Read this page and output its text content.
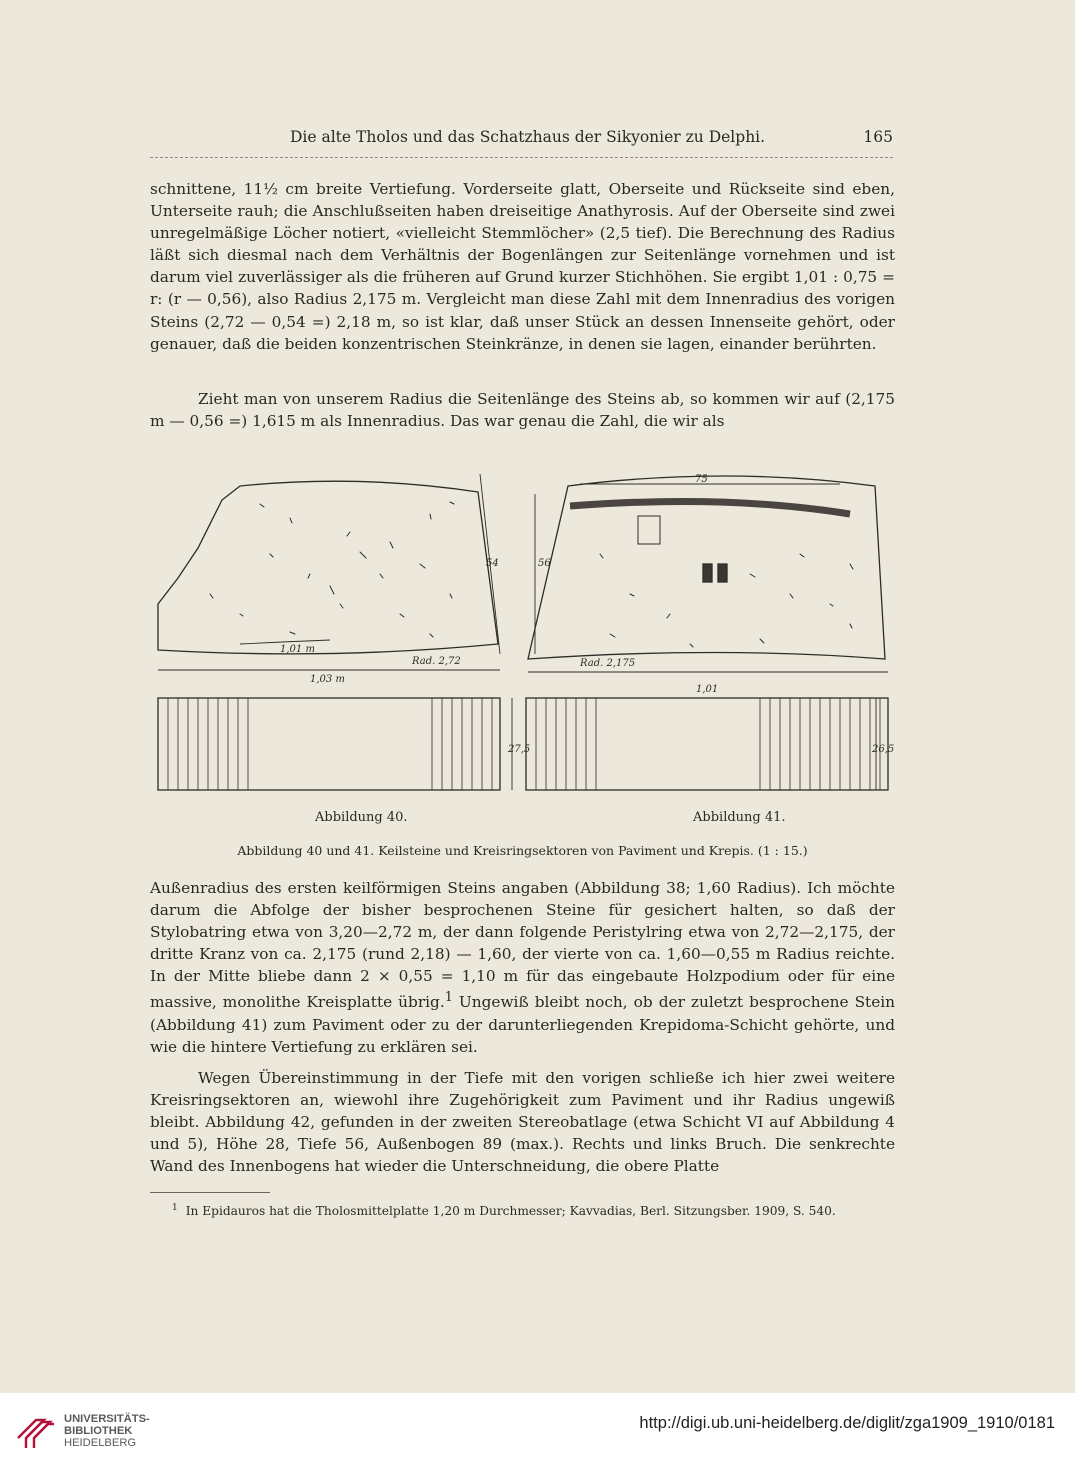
Die alte Tholos und das Schatzhaus der Sikyonier zu Delphi.	165

schnittene, 11½ cm breite Vertiefung. Vorderseite glatt, Oberseite und Rückseite sind eben, Unterseite rauh; die Anschlußseiten haben dreiseitige Anathyrosis. Auf der Oberseite sind zwei unregelmäßige Löcher notiert, «vielleicht Stemmlöcher» (2,5 tief). Die Berechnung des Radius läßt sich diesmal nach dem Verhältnis der Bogenlängen zur Seitenlänge vornehmen und ist darum viel zuverlässiger als die früheren auf Grund kurzer Stichhöhen. Sie ergibt 1,01 : 0,75 = r: (r — 0,56), also Radius 2,175 m. Vergleicht man diese Zahl mit dem Innenradius des vorigen Steins (2,72 — 0,54 =) 2,18 m, so ist klar, daß unser Stück an dessen Innenseite gehört, oder genauer, daß die beiden konzentrischen Steinkränze, in denen sie lagen, einander berührten.

Zieht man von unserem Radius die Seitenlänge des Steins ab, so kommen wir auf (2,175 m — 0,56 =) 1,615 m als Innenradius. Das war genau die Zahl, die wir als

1,01 m
1,03 m
54
Rad. 2,72
27,5
75
56
Rad. 2,175
1,01
26,5
Abbildung 40.	Abbildung 41.
Abbildung 40 und 41. Keilsteine und Kreisringsektoren von Paviment und Krepis. (1 : 15.)

Außenradius des ersten keilförmigen Steins angaben (Abbildung 38; 1,60 Radius). Ich möchte darum die Abfolge der bisher besprochenen Steine für gesichert halten, so daß der Stylobatring etwa von 3,20—2,72 m, der dann folgende Peristylring etwa von 2,72—2,175, der dritte Kranz von ca. 2,175 (rund 2,18) — 1,60, der vierte von ca. 1,60—0,55 m Radius reichte. In der Mitte bliebe dann 2 × 0,55 = 1,10 m für das eingebaute Holzpodium oder für eine massive, monolithe Kreisplatte übrig.$^1$ Ungewiß bleibt noch, ob der zuletzt besprochene Stein (Abbildung 41) zum Paviment oder zu der darunterliegenden Krepidoma-Schicht gehörte, und wie die hintere Vertiefung zu erklären sei.

Wegen Übereinstimmung in der Tiefe mit den vorigen schließe ich hier zwei weitere Kreisringsektoren an, wiewohl ihre Zugehörigkeit zum Paviment und ihr Radius ungewiß bleibt. Abbildung 42, gefunden in der zweiten Stereobatlage (etwa Schicht VI auf Abbildung 4 und 5), Höhe 28, Tiefe 56, Außenbogen 89 (max.). Rechts und links Bruch. Die senkrechte Wand des Innenbogens hat wieder die Unterschneidung, die obere Platte

$^1$ In Epidauros hat die Tholosmittelplatte 1,20 m Durchmesser; Kavvadias, Berl. Sitzungsber. 1909, S. 540.
UNIVERSITÄTS-
BIBLIOTHEK
HEIDELBERG
http://digi.ub.uni-heidelberg.de/diglit/zga1909_1910/0181
